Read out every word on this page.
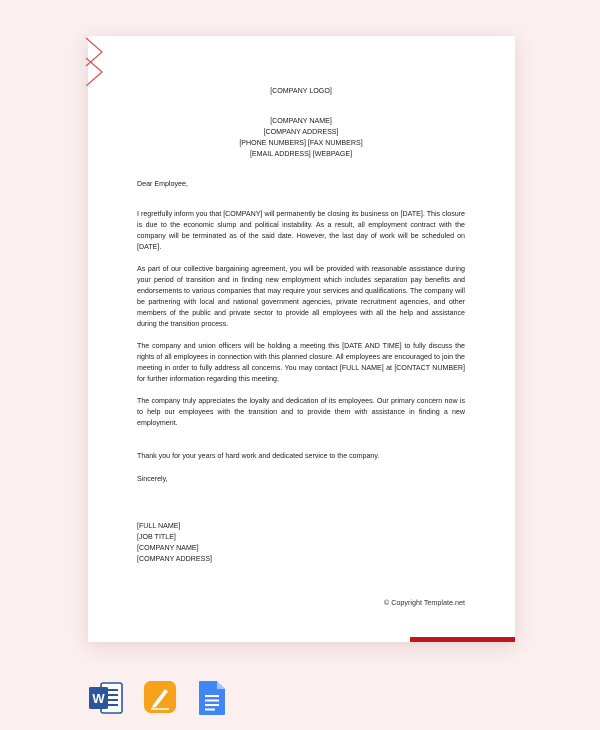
[COMPANY LOGO]
[COMPANY NAME]
[COMPANY ADDRESS]
[PHONE NUMBERS] [FAX NUMBERS]
[EMAIL ADDRESS] [WEBPAGE]
Dear Employee,
I regretfully inform you that [COMPANY] will permanently be closing its business on [DATE]. This closure is due to the economic slump and political instability. As a result, all employment contract with the company will be terminated as of the said date. However, the last day of work will be scheduled on [DATE].
As part of our collective bargaining agreement, you will be provided with reasonable assistance during your period of transition and in finding new employment which includes separation pay benefits and endorsements to various companies that may require your services and qualifications. The company will be partnering with local and national government agencies, private recruitment agencies, and other members of the public and private sector to provide all employees with all the help and assistance during the transition process.
The company and union officers will be holding a meeting this [DATE AND TIME] to fully discuss the rights of all employees in connection with this planned closure. All employees are encouraged to join the meeting in order to fully address all concerns. You may contact [FULL NAME] at [CONTACT NUMBER] for further information regarding this meeting.
The company truly appreciates the loyalty and dedication of its employees. Our primary concern now is to help our employees with the transition and to provide them with assistance in finding a new employment.
Thank you for your years of hard work and dedicated service to the company.
Sincerely,
[FULL NAME]
[JOB TITLE]
[COMPANY NAME]
[COMPANY ADDRESS]
© Copyright Template.net
W
